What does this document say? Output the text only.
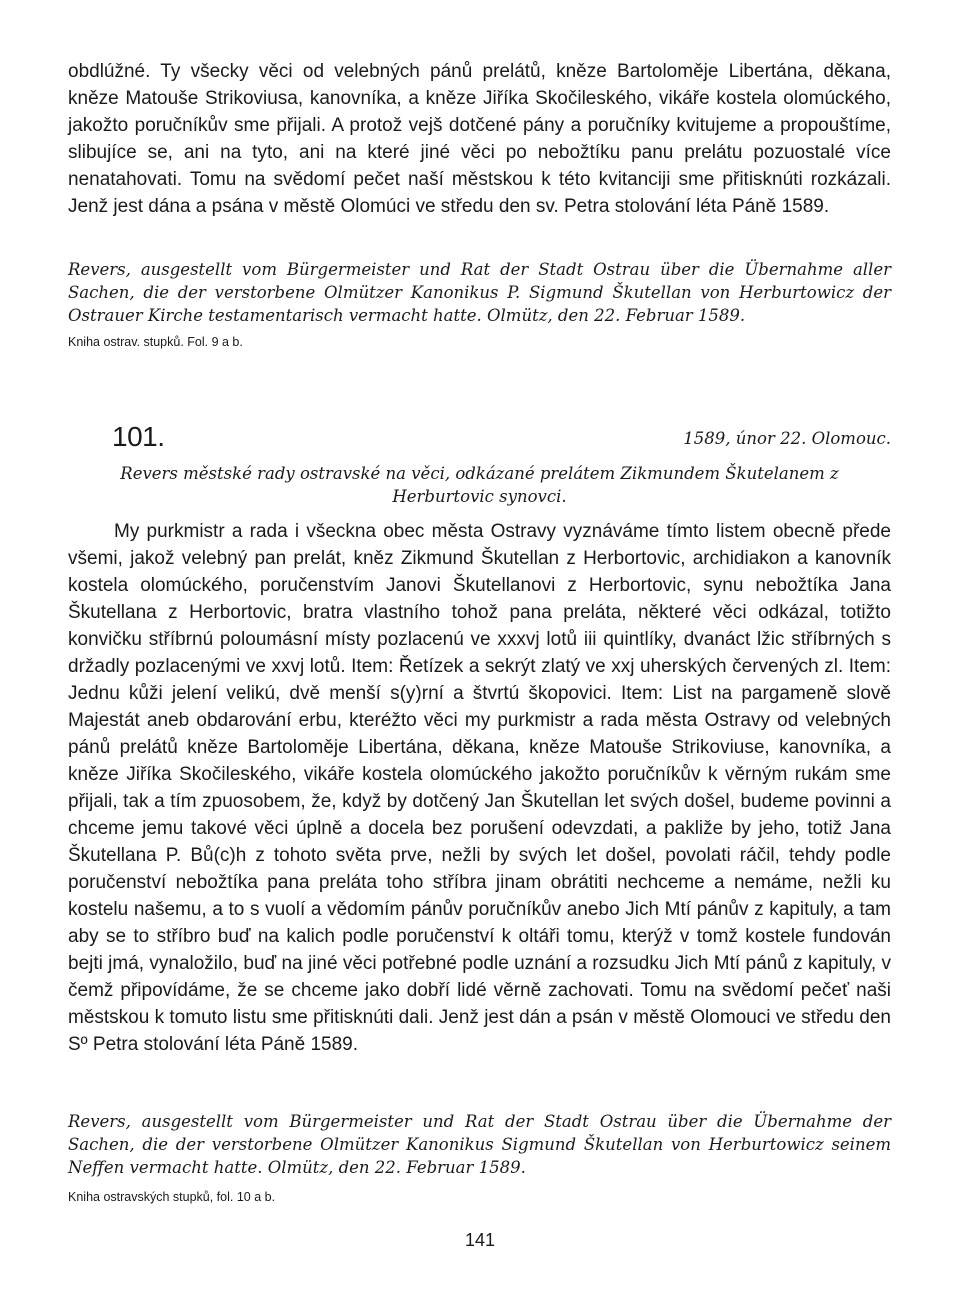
obdlúžné. Ty všecky věci od velebných pánů prelátů, kněze Bartoloměje Libertána, děkana, kněze Matouše Strikoviusa, kanovníka, a kněze Jiříka Skočileského, vikáře kostela olomúckého, jakožto poručníkův sme přijali. A protož vejš dotčené pány a poručníky kvitujeme a propouštíme, slibujíce se, ani na tyto, ani na které jiné věci po nebožtíku panu prelátu pozuostalé více nenatahovati. Tomu na svědomí pečet naší městskou k této kvitanciji sme přitisknúti rozkázali. Jenž jest dána a psána v městě Olomúci ve středu den sv. Petra stolování léta Páně 1589.

Revers, ausgestellt vom Bürgermeister und Rat der Stadt Ostrau über die Übernahme aller Sachen, die der verstorbene Olmützer Kanonikus P. Sigmund Škutellan von Herburtowicz der Ostrauer Kirche testamentarisch vermacht hatte. Olmütz, den 22. Februar 1589.

Kniha ostrav. stupků. Fol. 9 a b.

101.	1589, únor 22. Olomouc.

Revers městské rady ostravské na věci, odkázané prelátem Zikmundem Škutelanem z Herburtovic synovci.

My purkmistr a rada i všeckna obec města Ostravy vyznáváme tímto listem obecně přede všemi, jakož velebný pan prelát, kněz Zikmund Škutellan z Herbortovic, archidiakon a kanovník kostela olomúckého, poručenstvím Janovi Škutellanovi z Herbortovic, synu nebožtíka Jana Škutellana z Herbortovic, bratra vlastního tohož pana preláta, některé věci odkázal, totižto konvičku stříbrnú poloumásní místy pozlacenú ve xxxvj lotů iii quintlíky, dvanáct lžic stříbrných s držadly pozlacenými ve xxvj lotů. Item: Řetízek a sekrýt zlatý ve xxj uherských červených zl. Item: Jednu kůži jelení velikú, dvě menší s(y)rní a štvrtú škopovici. Item: List na pargameně slově Majestát aneb obdarování erbu, kteréžto věci my purkmistr a rada města Ostravy od velebných pánů prelátů kněze Bartoloměje Libertána, děkana, kněze Matouše Strikoviuse, kanovníka, a kněze Jiříka Skočileského, vikáře kostela olomúckého jakožto poručníkův k věrným rukám sme přijali, tak a tím zpuosobem, že, když by dotčený Jan Škutellan let svých došel, budeme povinni a chceme jemu takové věci úplně a docela bez porušení odevzdati, a pakliže by jeho, totiž Jana Škutellana P. Bů(c)h z tohoto světa prve, nežli by svých let došel, povolati ráčil, tehdy podle poručenství nebožtíka pana preláta toho stříbra jinam obrátiti nechceme a nemáme, nežli ku kostelu našemu, a to s vuolí a vědomím pánův poručníkův anebo Jich Mtí pánův z kapituly, a tam aby se to stříbro buď na kalich podle poručenství k oltáři tomu, kterýž v tomž kostele fundován bejti jmá, vynaložilo, buď na jiné věci potřebné podle uznání a rozsudku Jich Mtí pánů z kapituly, v čemž připovídáme, že se chceme jako dobří lidé věrně zachovati. Tomu na svědomí pečeť naši městskou k tomuto listu sme přitisknúti dali. Jenž jest dán a psán v městě Olomouci ve středu den Sº Petra stolování léta Páně 1589.

Revers, ausgestellt vom Bürgermeister und Rat der Stadt Ostrau über die Übernahme der Sachen, die der verstorbene Olmützer Kanonikus Sigmund Škutellan von Herburtowicz seinem Neffen vermacht hatte. Olmütz, den 22. Februar 1589.

Kniha ostravských stupků, fol. 10 a b.

141
